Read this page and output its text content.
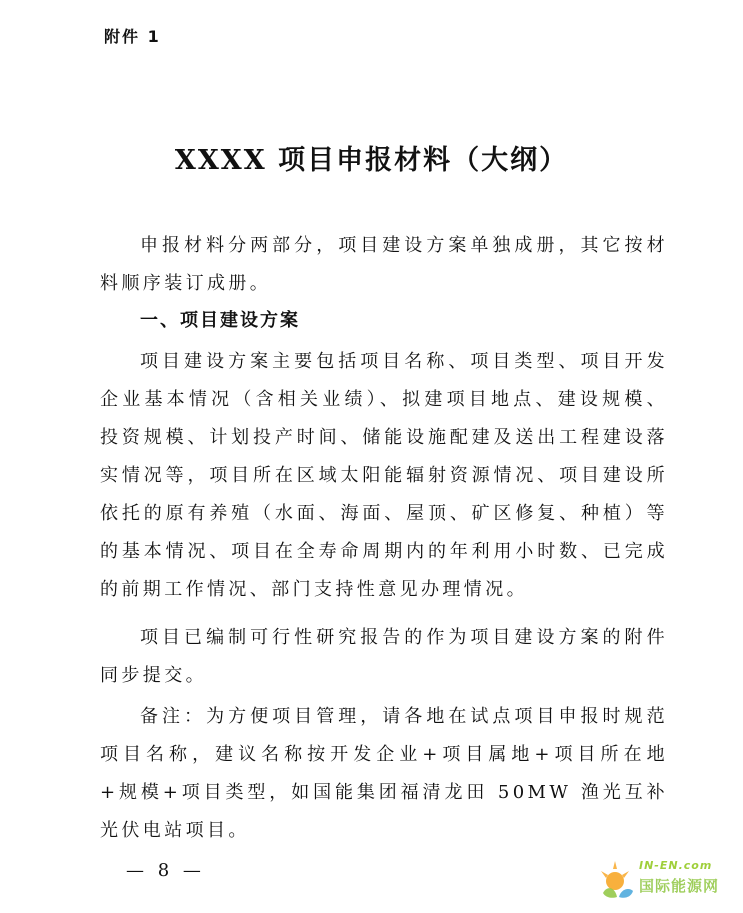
附件 1
XXXX 项目申报材料（大纲）

申报材料分两部分，项目建设方案单独成册，其它按材料顺序装订成册。

一、项目建设方案

项目建设方案主要包括项目名称、项目类型、项目开发企业基本情况（含相关业绩）、拟建项目地点、建设规模、投资规模、计划投产时间、储能设施配建及送出工程建设落实情况等，项目所在区域太阳能辐射资源情况、项目建设所依托的原有养殖（水面、海面、屋顶、矿区修复、种植）等的基本情况、项目在全寿命周期内的年利用小时数、已完成的前期工作情况、部门支持性意见办理情况。

项目已编制可行性研究报告的作为项目建设方案的附件同步提交。

备注：为方便项目管理，请各地在试点项目申报时规范项目名称，建议名称按开发企业+项目属地+项目所在地+规模+项目类型，如国能集团福清龙田 50MW 渔光互补光伏电站项目。

— 8 —	IN-EN.com
国际能源网
